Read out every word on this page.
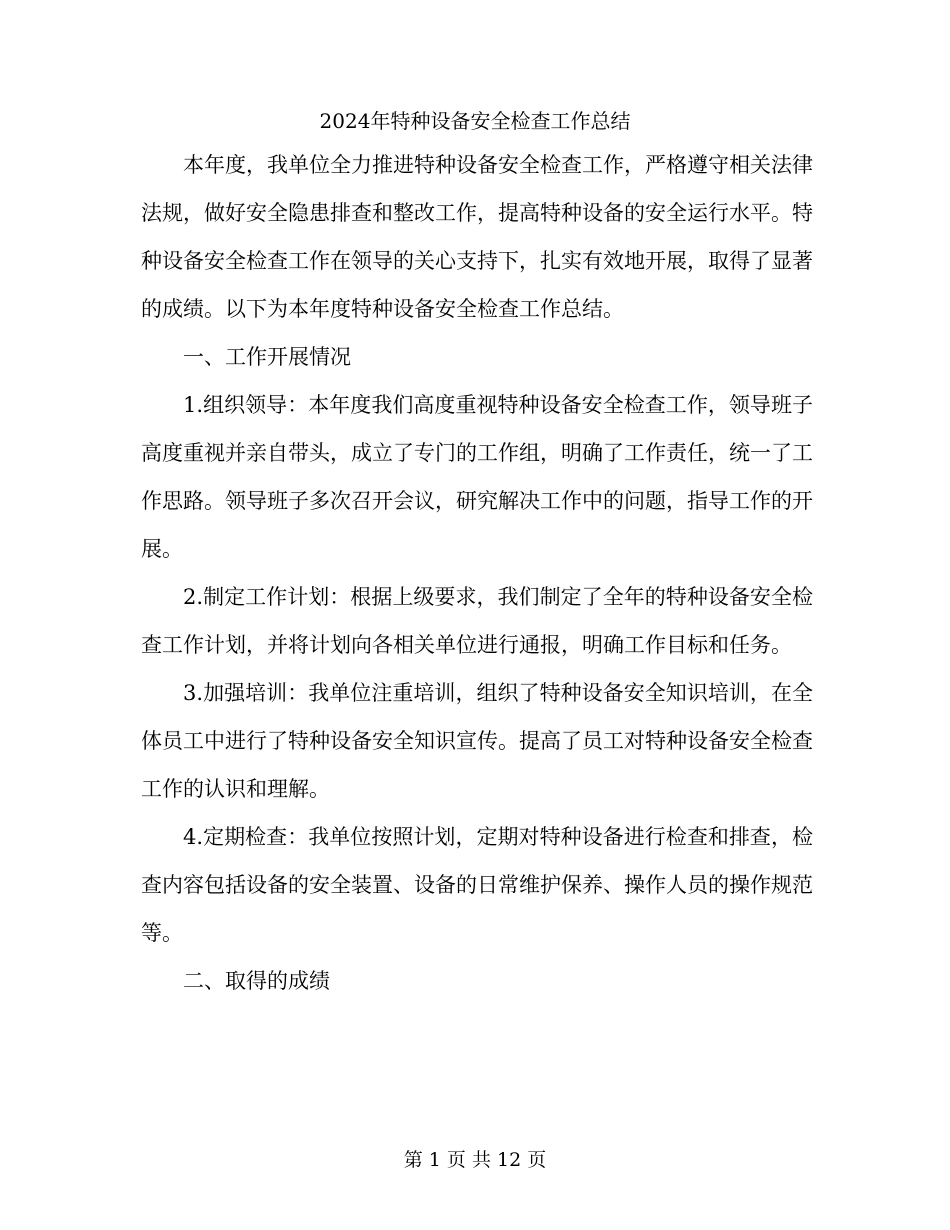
2024年特种设备安全检查工作总结

本年度，我单位全力推进特种设备安全检查工作，严格遵守相关法律法规，做好安全隐患排查和整改工作，提高特种设备的安全运行水平。特种设备安全检查工作在领导的关心支持下，扎实有效地开展，取得了显著的成绩。以下为本年度特种设备安全检查工作总结。

一、工作开展情况

1.组织领导：本年度我们高度重视特种设备安全检查工作，领导班子高度重视并亲自带头，成立了专门的工作组，明确了工作责任，统一了工作思路。领导班子多次召开会议，研究解决工作中的问题，指导工作的开展。

2.制定工作计划：根据上级要求，我们制定了全年的特种设备安全检查工作计划，并将计划向各相关单位进行通报，明确工作目标和任务。

3.加强培训：我单位注重培训，组织了特种设备安全知识培训，在全体员工中进行了特种设备安全知识宣传。提高了员工对特种设备安全检查工作的认识和理解。

4.定期检查：我单位按照计划，定期对特种设备进行检查和排查，检查内容包括设备的安全装置、设备的日常维护保养、操作人员的操作规范等。

二、取得的成绩

第 1 页 共 12 页
